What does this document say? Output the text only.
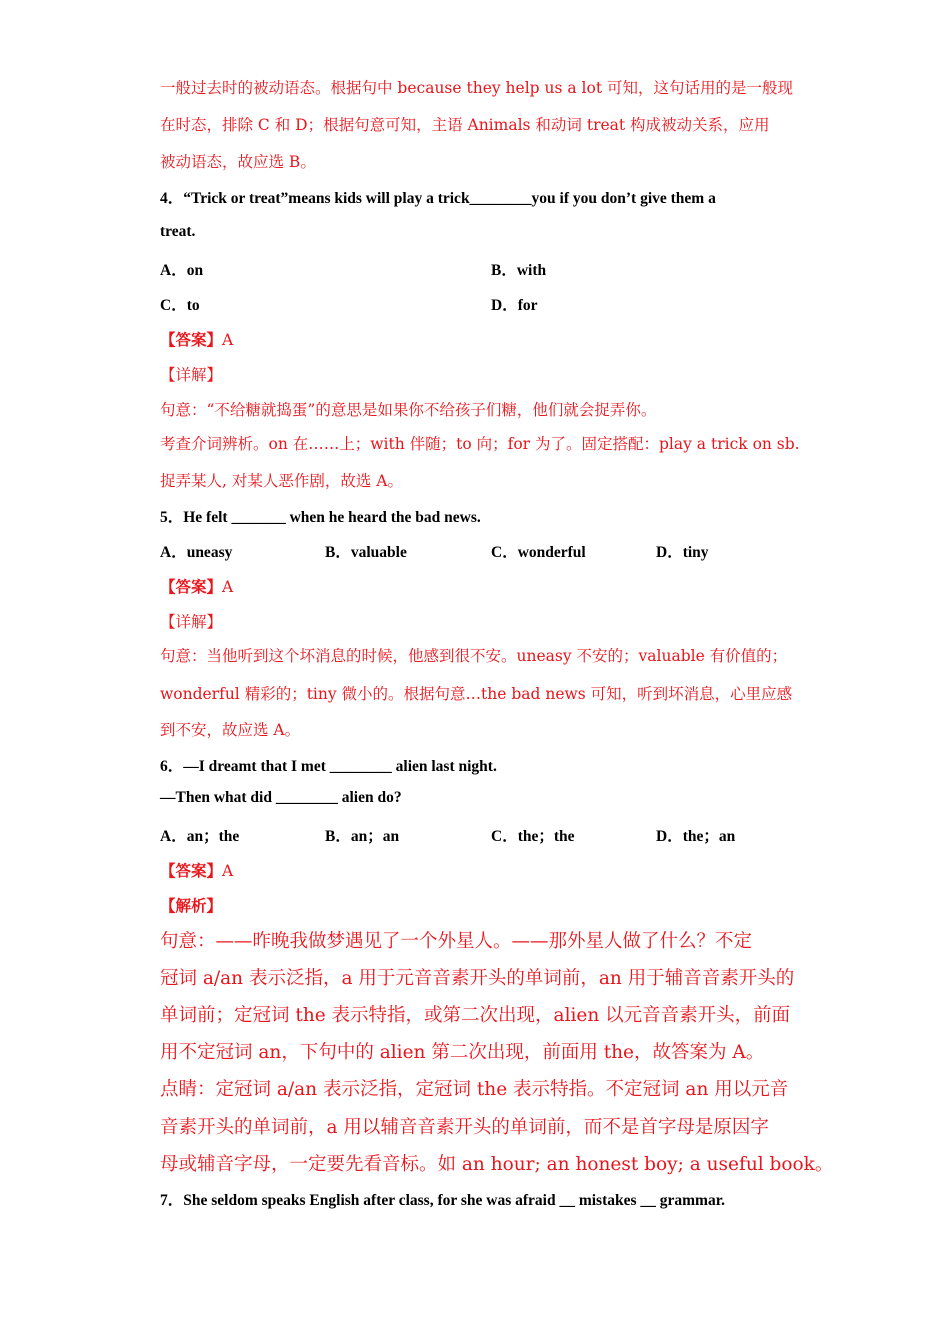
一般过去时的被动语态。根据句中 because they help us a lot 可知，这句话用的是一般现
在时态，排除 C 和 D；根据句意可知，主语 Animals 和动词 treat 构成被动关系，应用
被动语态，故应选 B。
4．“Trick or treat”means kids will play a trick________you if you don’t give them a
treat.
A．on	B．with
C．to	D．for
【答案】A
【详解】
句意：“不给糖就捣蛋”的意思是如果你不给孩子们糖，他们就会捉弄你。
考查介词辨析。on 在……上；with 伴随；to 向；for 为了。固定搭配：play a trick on sb.
捉弄某人, 对某人恶作剧，故选 A。
5．He felt _______ when he heard the bad news.
A．uneasy	B．valuable	C．wonderful	D．tiny
【答案】A
【详解】
句意：当他听到这个坏消息的时候，他感到很不安。uneasy 不安的；valuable 有价值的；
wonderful 精彩的；tiny 微小的。根据句意…the bad news 可知，听到坏消息，心里应感
到不安，故应选 A。
6．—I dreamt that I met ________ alien last night.
—Then what did ________ alien do?
A．an；the	B．an；an	C．the；the	D．the；an
【答案】A
【解析】
句意：——昨晚我做梦遇见了一个外星人。——那外星人做了什么？不定
冠词 a/an 表示泛指，a 用于元音音素开头的单词前，an 用于辅音音素开头的
单词前；定冠词 the 表示特指，或第二次出现，alien 以元音音素开头，前面
用不定冠词 an，下句中的 alien 第二次出现，前面用 the，故答案为 A。
点睛：定冠词 a/an 表示泛指，定冠词 the 表示特指。不定冠词 an 用以元音
音素开头的单词前，a 用以辅音音素开头的单词前，而不是首字母是原因字
母或辅音字母，一定要先看音标。如 an hour; an honest boy; a useful book。
7．She seldom speaks English after class, for she was afraid __ mistakes __ grammar.
